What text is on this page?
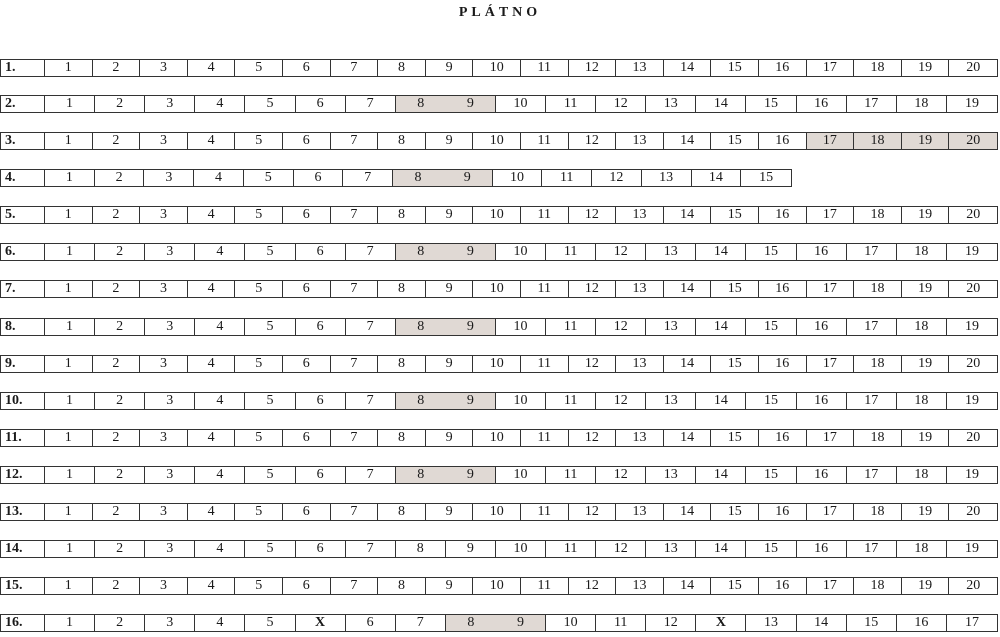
PLÁTNO
1.	1	2	3	4	5	6	7	8	9	10	11	12	13	14	15	16	17	18	19	20
2.	1	2	3	4	5	6	7	8	9	10	11	12	13	14	15	16	17	18	19
3.	1	2	3	4	5	6	7	8	9	10	11	12	13	14	15	16	17	18	19	20
4.	1	2	3	4	5	6	7	8	9	10	11	12	13	14	15
5.	1	2	3	4	5	6	7	8	9	10	11	12	13	14	15	16	17	18	19	20
6.	1	2	3	4	5	6	7	8	9	10	11	12	13	14	15	16	17	18	19
7.	1	2	3	4	5	6	7	8	9	10	11	12	13	14	15	16	17	18	19	20
8.	1	2	3	4	5	6	7	8	9	10	11	12	13	14	15	16	17	18	19
9.	1	2	3	4	5	6	7	8	9	10	11	12	13	14	15	16	17	18	19	20
10.	1	2	3	4	5	6	7	8	9	10	11	12	13	14	15	16	17	18	19
11.	1	2	3	4	5	6	7	8	9	10	11	12	13	14	15	16	17	18	19	20
12.	1	2	3	4	5	6	7	8	9	10	11	12	13	14	15	16	17	18	19
13.	1	2	3	4	5	6	7	8	9	10	11	12	13	14	15	16	17	18	19	20
14.	1	2	3	4	5	6	7	8	9	10	11	12	13	14	15	16	17	18	19
15.	1	2	3	4	5	6	7	8	9	10	11	12	13	14	15	16	17	18	19	20
16.	1	2	3	4	5	X	6	7	8	9	10	11	12	X	13	14	15	16	17
